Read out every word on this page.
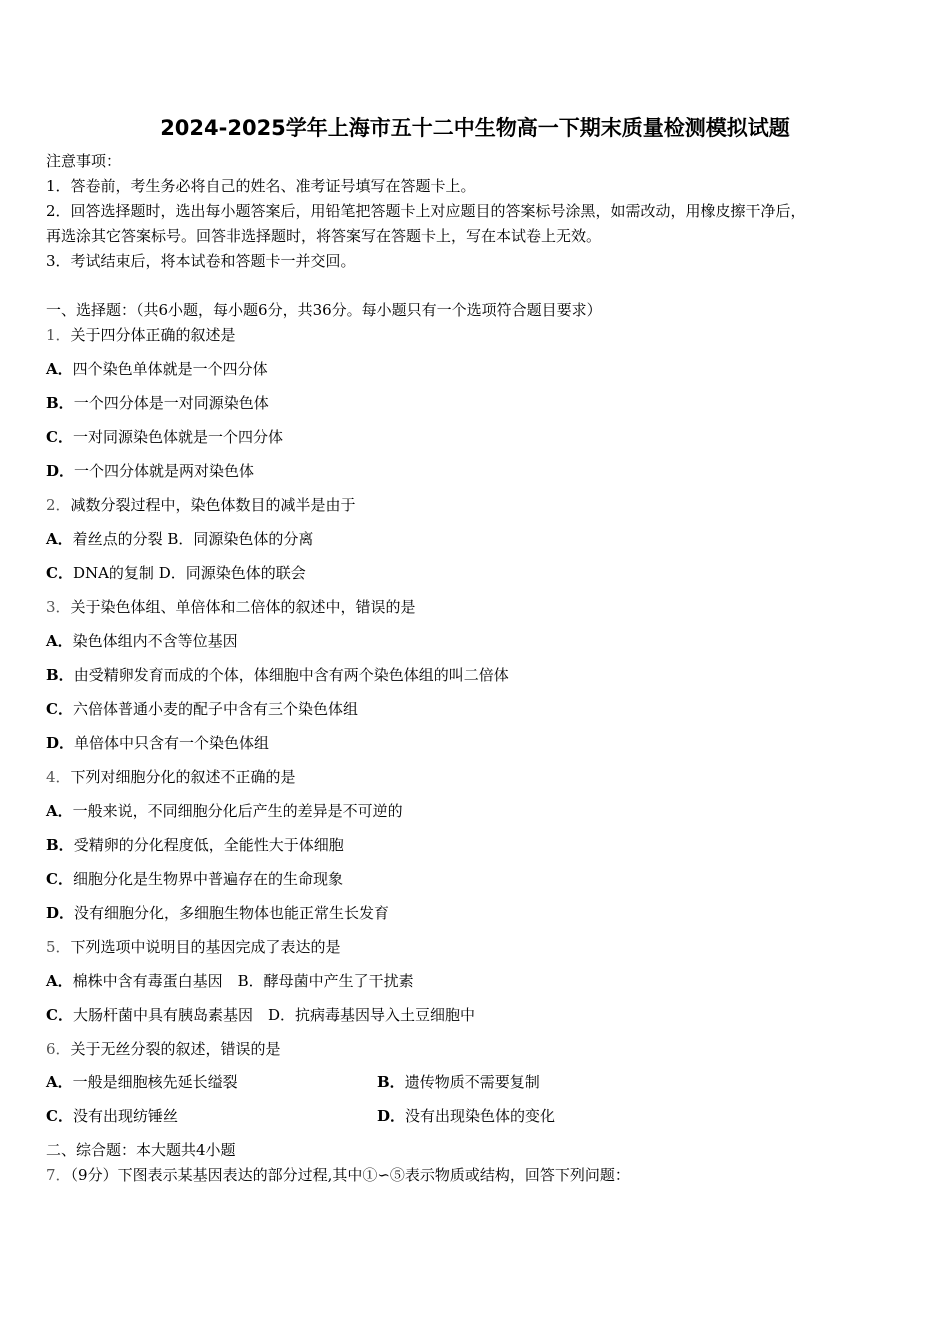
2024-2025学年上海市五十二中生物高一下期末质量检测模拟试题
注意事项：
1．答卷前，考生务必将自己的姓名、准考证号填写在答题卡上。
2．回答选择题时，选出每小题答案后，用铅笔把答题卡上对应题目的答案标号涂黑，如需改动，用橡皮擦干净后，
再选涂其它答案标号。回答非选择题时，将答案写在答题卡上，写在本试卷上无效。
3．考试结束后，将本试卷和答题卡一并交回。
一、选择题：（共6小题，每小题6分，共36分。每小题只有一个选项符合题目要求）
1．关于四分体正确的叙述是
A．四个染色单体就是一个四分体
B．一个四分体是一对同源染色体
C．一对同源染色体就是一个四分体
D．一个四分体就是两对染色体
2．减数分裂过程中，染色体数目的减半是由于
A．着丝点的分裂 B．同源染色体的分离
C．DNA的复制 D．同源染色体的联会
3．关于染色体组、单倍体和二倍体的叙述中，错误的是
A．染色体组内不含等位基因
B．由受精卵发育而成的个体，体细胞中含有两个染色体组的叫二倍体
C．六倍体普通小麦的配子中含有三个染色体组
D．单倍体中只含有一个染色体组
4．下列对细胞分化的叙述不正确的是
A．一般来说，不同细胞分化后产生的差异是不可逆的
B．受精卵的分化程度低，全能性大于体细胞
C．细胞分化是生物界中普遍存在的生命现象
D．没有细胞分化，多细胞生物体也能正常生长发育
5．下列选项中说明目的基因完成了表达的是
A．棉株中含有毒蛋白基因　B．酵母菌中产生了干扰素
C．大肠杆菌中具有胰岛素基因　D．抗病毒基因导入土豆细胞中
6．关于无丝分裂的叙述，错误的是
A．一般是细胞核先延长缢裂	B．遗传物质不需要复制
C．没有出现纺锤丝	D．没有出现染色体的变化
二、综合题：本大题共4小题
7．（9分）下图表示某基因表达的部分过程,其中①∽⑤表示物质或结构，回答下列问题：
